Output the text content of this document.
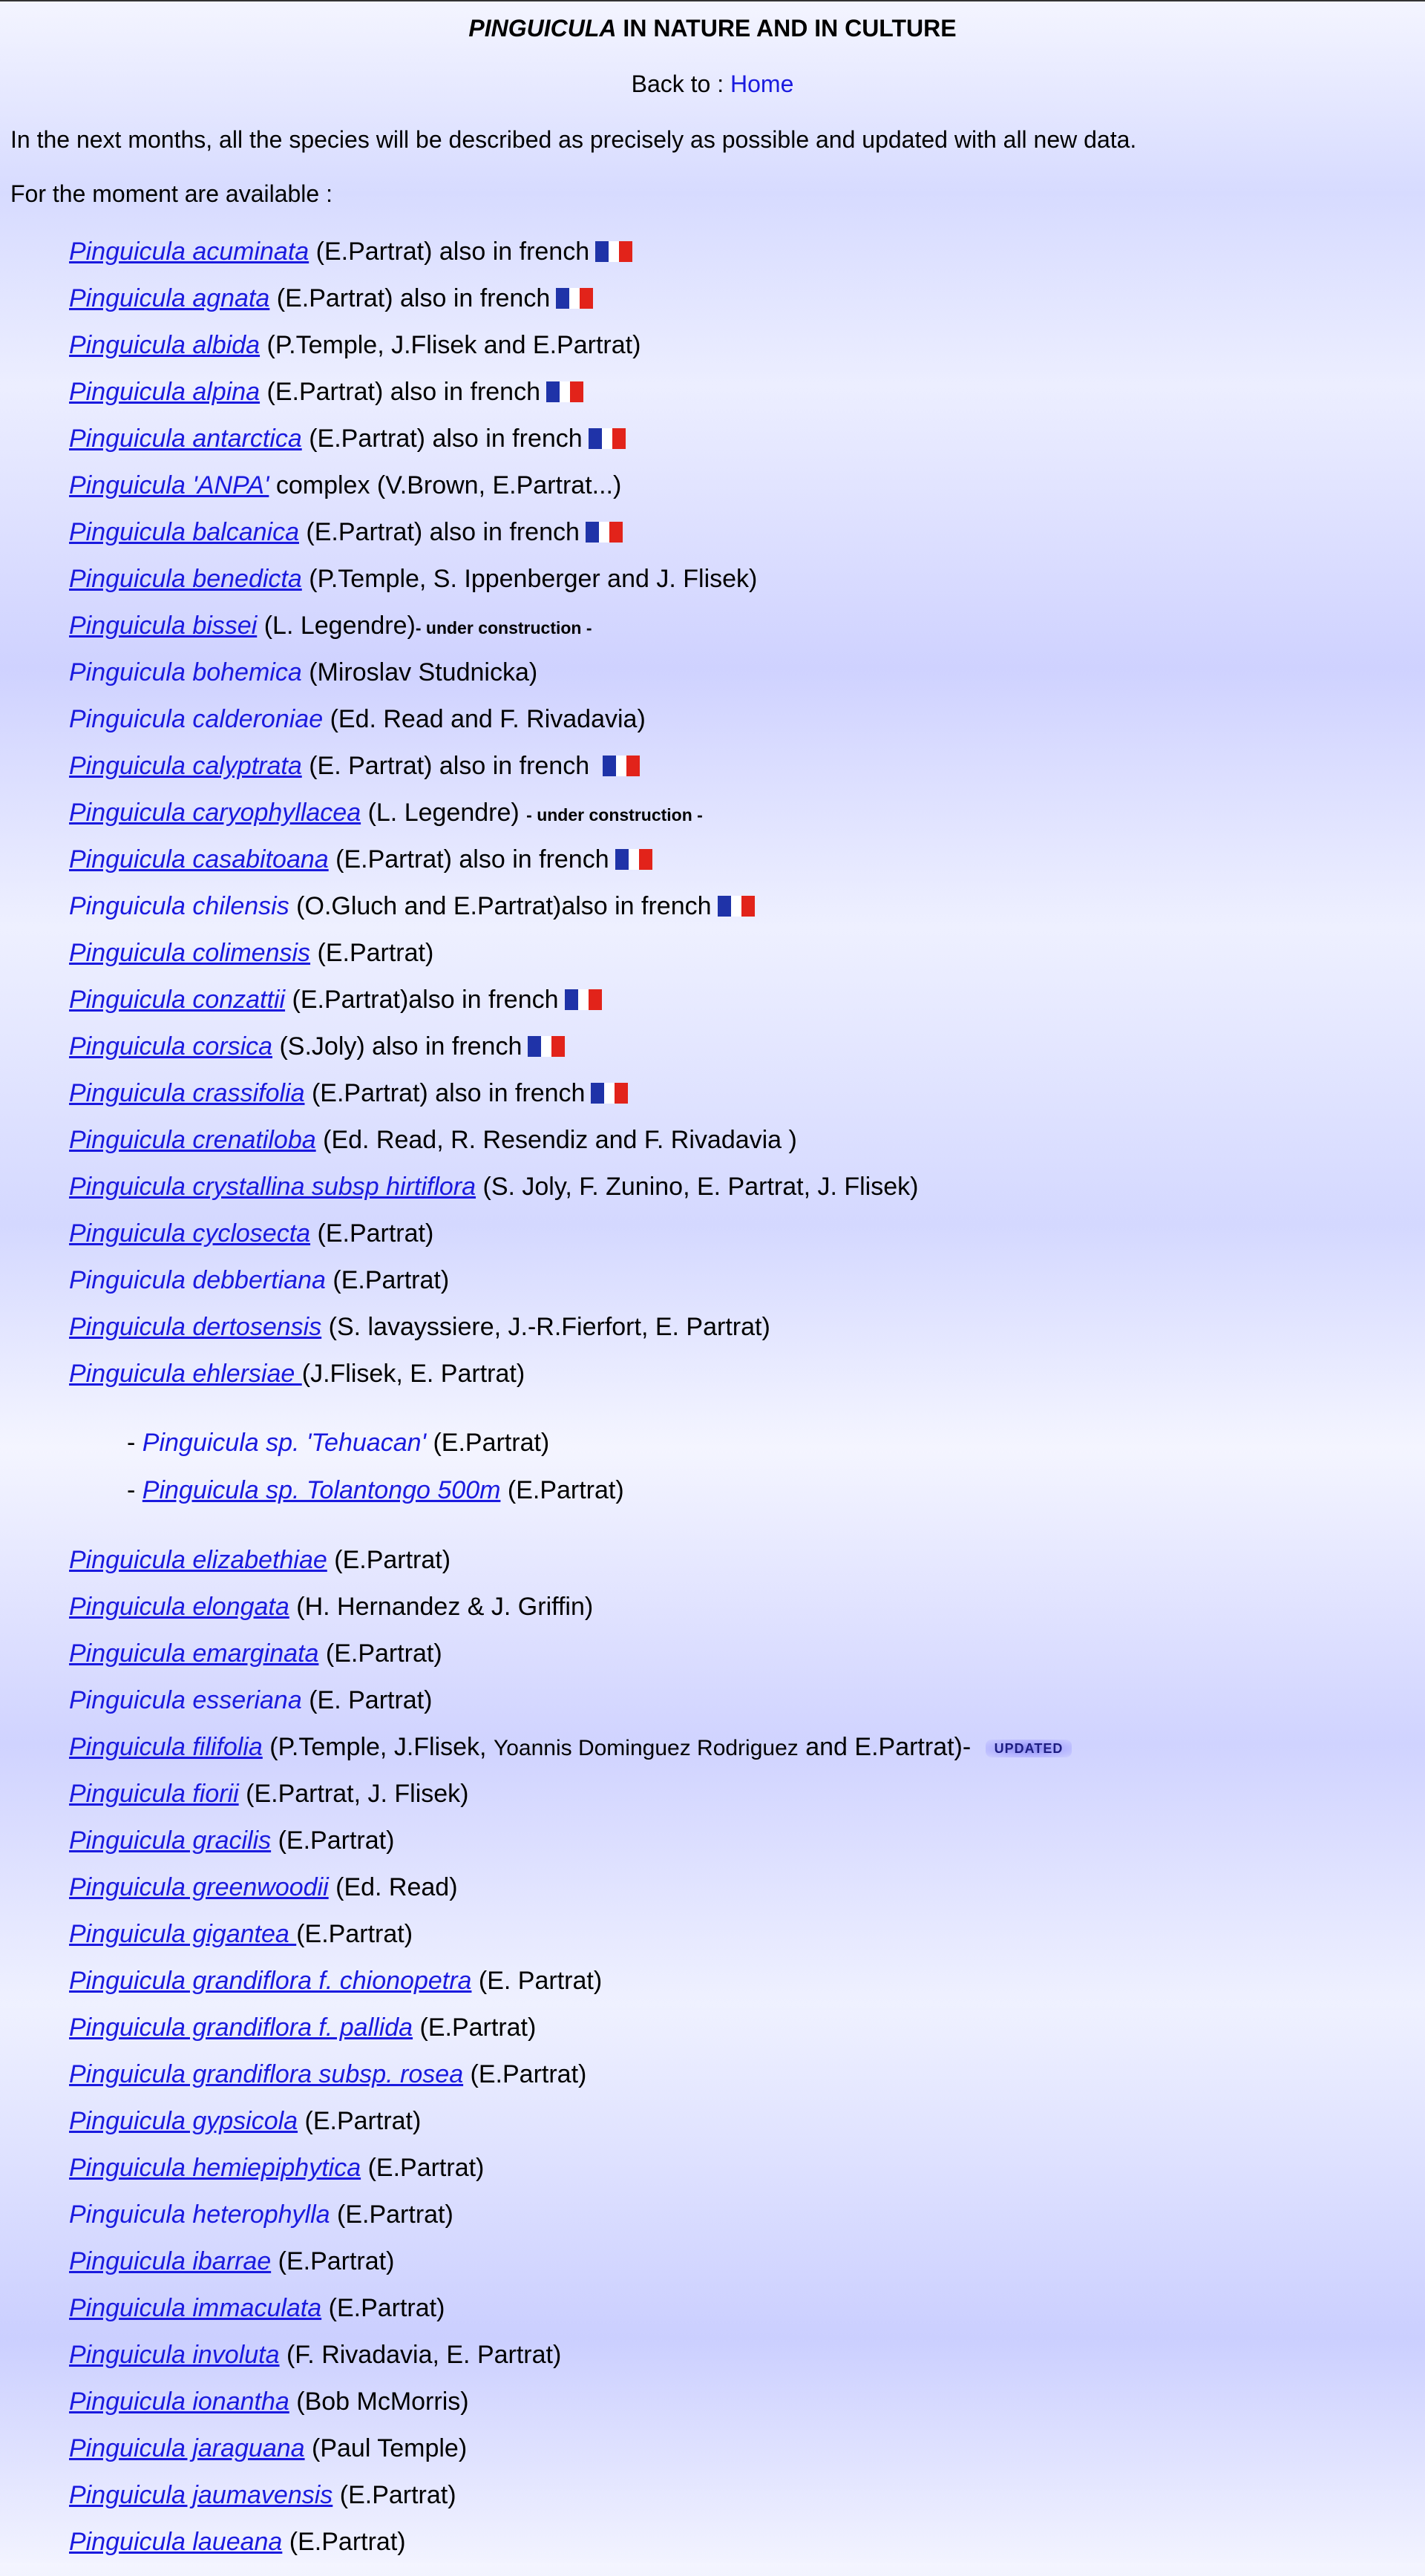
PINGUICULA IN NATURE AND IN CULTURE
Back to : Home
In the next months, all the species will be described as precisely as possible and updated with all new data.
For the moment are available :
Pinguicula acuminata (E.Partrat) also in french
Pinguicula agnata (E.Partrat) also in french
Pinguicula albida (P.Temple, J.Flisek and E.Partrat)
Pinguicula alpina (E.Partrat) also in french
Pinguicula antarctica (E.Partrat) also in french
Pinguicula 'ANPA' complex (V.Brown, E.Partrat...)
Pinguicula balcanica (E.Partrat) also in french
Pinguicula benedicta (P.Temple, S. Ippenberger and J. Flisek)
Pinguicula bissei (L. Legendre)- under construction -
Pinguicula bohemica (Miroslav Studnicka)
Pinguicula calderoniae (Ed. Read and F. Rivadavia)
Pinguicula calyptrata (E. Partrat) also in french
Pinguicula caryophyllacea (L. Legendre) - under construction -
Pinguicula casabitoana (E.Partrat) also in french
Pinguicula chilensis (O.Gluch and E.Partrat)also in french
Pinguicula colimensis (E.Partrat)
Pinguicula conzattii (E.Partrat)also in french
Pinguicula corsica (S.Joly) also in french
Pinguicula crassifolia (E.Partrat) also in french
Pinguicula crenatiloba (Ed. Read, R. Resendiz and F. Rivadavia )
Pinguicula crystallina subsp hirtiflora (S. Joly, F. Zunino, E. Partrat, J. Flisek)
Pinguicula cyclosecta (E.Partrat)
Pinguicula debbertiana (E.Partrat)
Pinguicula dertosensis (S. lavayssiere, J.-R.Fierfort, E. Partrat)
Pinguicula ehlersiae (J.Flisek, E. Partrat)
- Pinguicula sp. 'Tehuacan' (E.Partrat)
- Pinguicula sp. Tolantongo 500m (E.Partrat)
Pinguicula elizabethiae (E.Partrat)
Pinguicula elongata (H. Hernandez & J. Griffin)
Pinguicula emarginata (E.Partrat)
Pinguicula esseriana (E. Partrat)
Pinguicula filifolia (P.Temple, J.Flisek, Yoannis Dominguez Rodriguez and E.Partrat)- UPDATED
Pinguicula fiorii (E.Partrat, J. Flisek)
Pinguicula gracilis (E.Partrat)
Pinguicula greenwoodii (Ed. Read)
Pinguicula gigantea (E.Partrat)
Pinguicula grandiflora f. chionopetra (E. Partrat)
Pinguicula grandiflora f. pallida (E.Partrat)
Pinguicula grandiflora subsp. rosea (E.Partrat)
Pinguicula gypsicola (E.Partrat)
Pinguicula hemiepiphytica (E.Partrat)
Pinguicula heterophylla (E.Partrat)
Pinguicula ibarrae (E.Partrat)
Pinguicula immaculata (E.Partrat)
Pinguicula involuta (F. Rivadavia, E. Partrat)
Pinguicula ionantha (Bob McMorris)
Pinguicula jaraguana (Paul Temple)
Pinguicula jaumavensis (E.Partrat)
Pinguicula laueana (E.Partrat)
